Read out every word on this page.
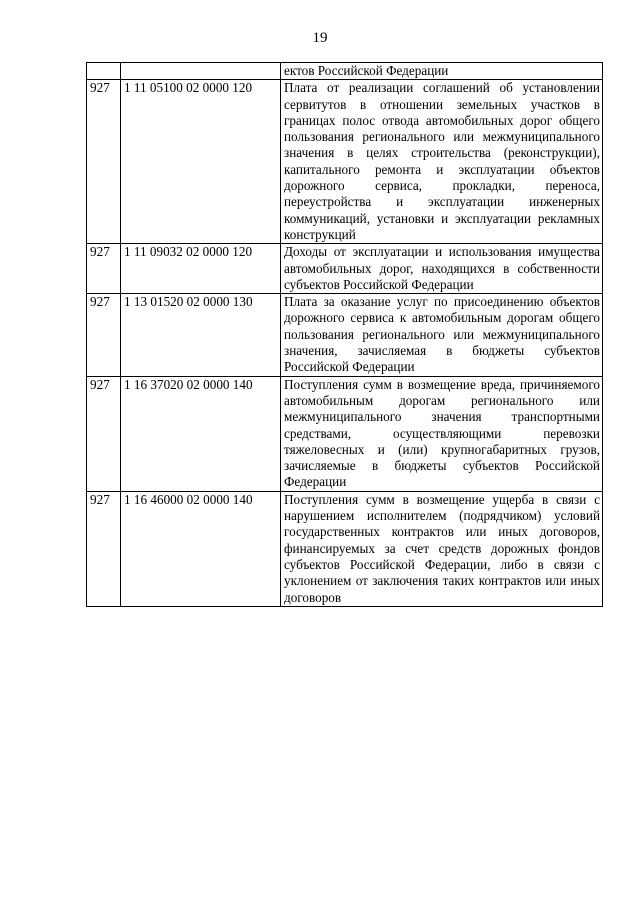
19
		ектов Российской Федерации
927	1 11 05100 02 0000 120	Плата от реализации соглашений об установлении сервитутов в отношении земельных участков в границах полос отвода автомобильных дорог общего пользования регионального или межмуниципального значения в целях строительства (реконструкции), капитального ремонта и эксплуатации объектов дорожного сервиса, прокладки, переноса, переустройства и эксплуатации инженерных коммуникаций, установки и эксплуатации рекламных конструкций
927	1 11 09032 02 0000 120	Доходы от эксплуатации и использования имущества автомобильных дорог, находящихся в собственности субъектов Российской Федерации
927	1 13 01520 02 0000 130	Плата за оказание услуг по присоединению объектов дорожного сервиса к автомобильным дорогам общего пользования регионального или межмуниципального значения, зачисляемая в бюджеты субъектов Российской Федерации
927	1 16 37020 02 0000 140	Поступления сумм в возмещение вреда, причиняемого автомобильным дорогам регионального или межмуниципального значения транспортными средствами, осуществляющими перевозки тяжеловесных и (или) крупногабаритных грузов, зачисляемые в бюджеты субъектов Российской Федерации
927	1 16 46000 02 0000 140	Поступления сумм в возмещение ущерба в связи с нарушением исполнителем (подрядчиком) условий государственных контрактов или иных договоров, финансируемых за счет средств дорожных фондов субъектов Российской Федерации, либо в связи с уклонением от заключения таких контрактов или иных договоров
